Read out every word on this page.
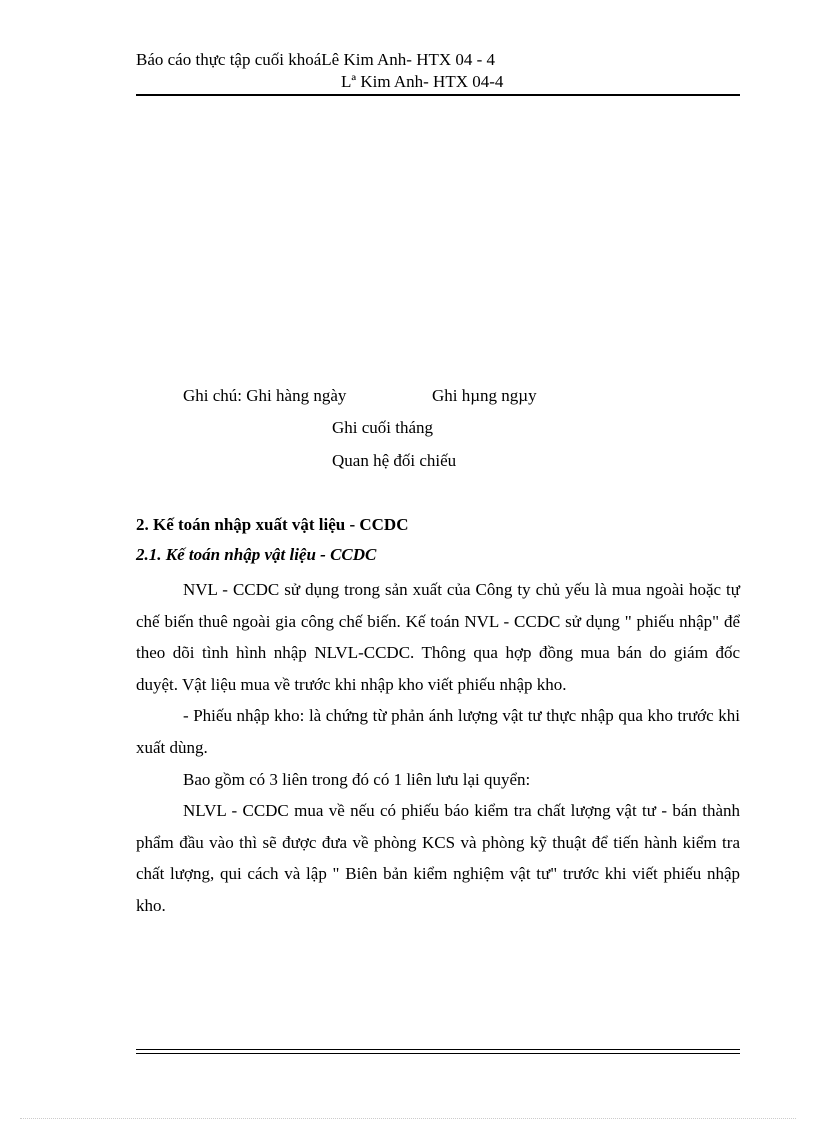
Báo cáo thực tập cuối khoáLê Kim Anh- HTX 04 - 4
Lª Kim Anh- HTX 04-4
Ghi chú: Ghi hàng ngày	Ghi hµng ngµy
Ghi cuối tháng
Quan hệ đối chiếu
2. Kế toán nhập xuất vật liệu - CCDC
2.1. Kế toán nhập vật liệu - CCDC

NVL - CCDC sử dụng trong sản xuất của Công ty chủ yếu là mua ngoài hoặc tự chế biến thuê ngoài gia công chế biến. Kế toán NVL - CCDC sử dụng " phiếu nhập" để theo dõi tình hình nhập NLVL-CCDC. Thông qua hợp đồng mua bán do giám đốc duyệt. Vật liệu mua về trước khi nhập kho viết phiếu nhập kho.

- Phiếu nhập kho: là chứng từ phản ánh lượng vật tư thực nhập qua kho trước khi xuất dùng.

Bao gồm có 3 liên trong đó có 1 liên lưu lại quyển:

NLVL - CCDC mua về nếu có phiếu báo kiểm tra chất lượng vật tư - bán thành phẩm đầu vào thì sẽ được đưa về phòng KCS và phòng kỹ thuật để tiến hành kiểm tra chất lượng, qui cách và lập " Biên bản kiểm nghiệm vật tư" trước khi viết phiếu nhập kho.
